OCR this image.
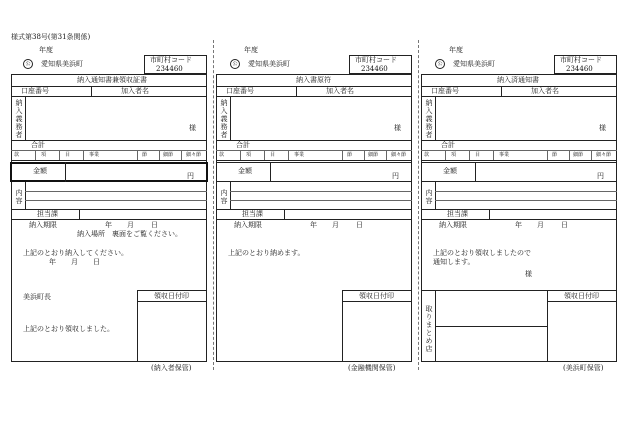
様式第38号(第31条関係)
年度
公	愛知県美浜町	市町村コード
234460
納入通知書兼領収証書
口座番号	加入者名
納入義務者	様
合計
款	項	目	事業	節	細節	細々節
金額
円
内容
担当課
納入期限	年 月 日
納入場所　裏面をご覧ください。
上記のとおり納入してください。
年 月 日
美浜町長
上記のとおり領収しました。
領収日付印
(納入者保管)
年度
公	愛知県美浜町	市町村コード
234460
納入書原符
口座番号	加入者名
納入義務者	様
合計
款	項	目	事業	節	細節	細々節
金額
円
内容
担当課
納入期限	年 月 日
上記のとおり納めます。
領収日付印
(金融機関保管)
年度
公	愛知県美浜町	市町村コード
234460
納入済通知書
口座番号	加入者名
納入義務者	様
合計
款	項	目	事業	節	細節	細々節
金額
円
内容
担当課
納入期限	年 月 日
上記のとおり領収しましたので
通知します。
様
取りまとめ店
領収日付印
(美浜町保管)
